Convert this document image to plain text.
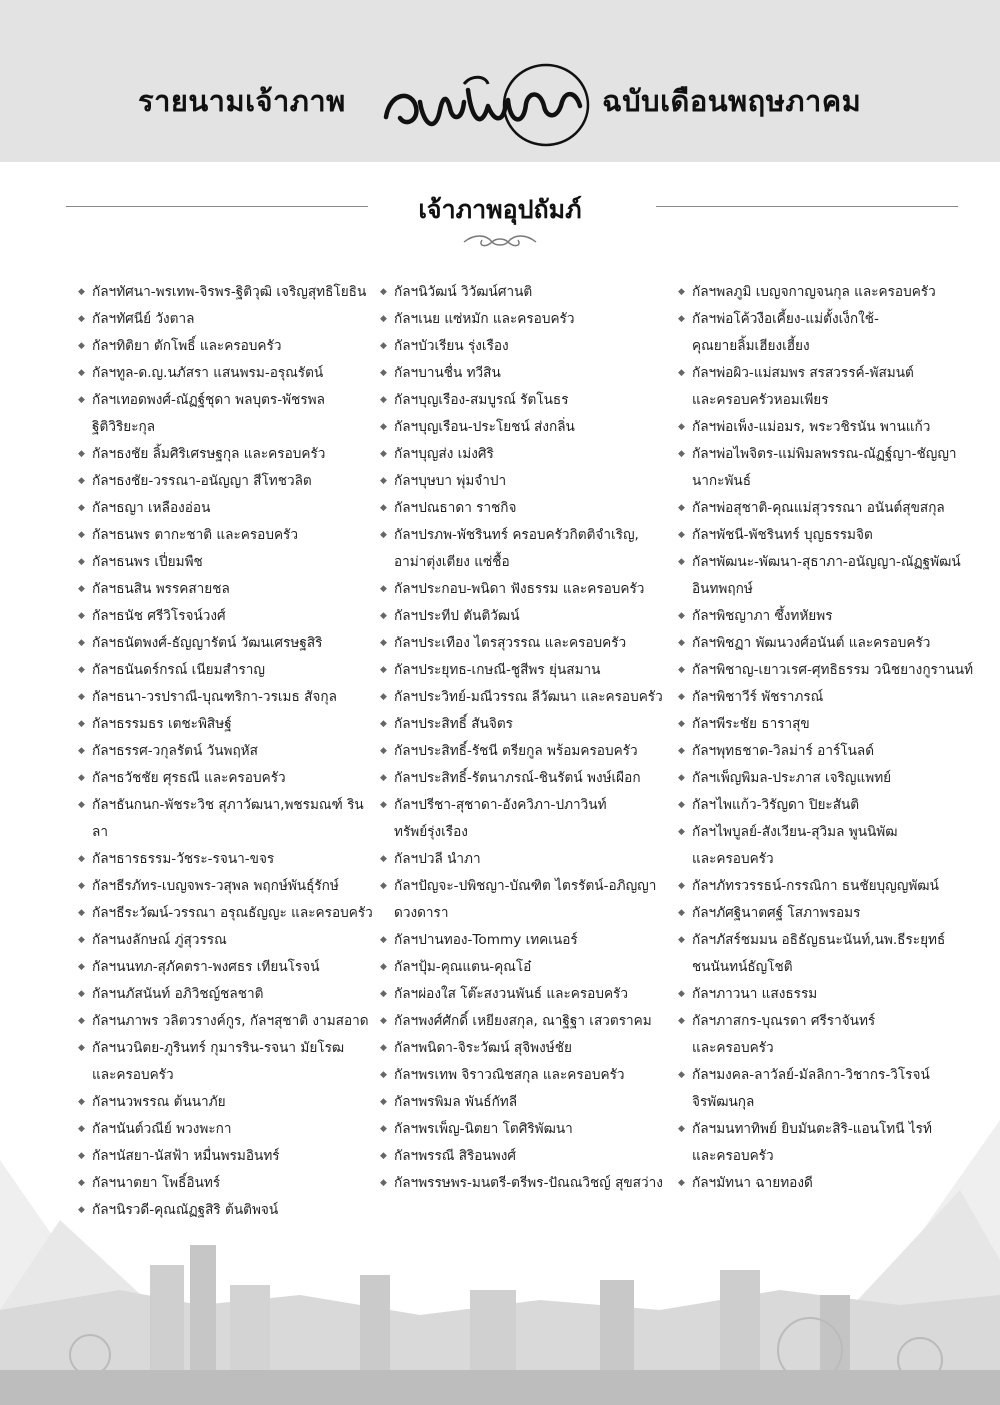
รายนามเจ้าภาพ	ฉบับเดือนพฤษภาคม
เจ้าภาพอุปถัมภ์
◆ กัลฯทัศนา-พรเทพ-จิรพร-ฐิติวุฒิ เจริญสุทธิโยธิน
◆ กัลฯทัศนีย์ วังตาล
◆ กัลฯทิติยา ตักโพธิ์ และครอบครัว
◆ กัลฯทูล-ด.ญ.นภัสรา แสนพรม-อรุณรัตน์
◆ กัลฯเทอดพงศ์-ณัฏฐ์ชุดา พลบุตร-พัชรพล
ฐิติวิริยะกุล
◆ กัลฯธงชัย ลิ้มศิริเศรษฐกุล และครอบครัว
◆ กัลฯธงชัย-วรรณา-อนัญญา สีโทชวลิต
◆ กัลฯธญา เหลืองอ่อน
◆ กัลฯธนพร ตากะชาติ และครอบครัว
◆ กัลฯธนพร เปี่ยมพืช
◆ กัลฯธนสิน พรรคสายชล
◆ กัลฯธนัช ศรีวิโรจน์วงศ์
◆ กัลฯธนัตพงศ์-ธัญญารัตน์ วัฒนเศรษฐสิริ
◆ กัลฯธนันดร์กรณ์ เนียมสำราญ
◆ กัลฯธนา-วรปราณี-บุณฑริกา-วรเมธ สัจกุล
◆ กัลฯธรรมธร เตชะพิสิษฐ์
◆ กัลฯธรรศ-วกุลรัตน์ วันพฤหัส
◆ กัลฯธวัชชัย ศุรธณี และครอบครัว
◆ กัลฯธันกนก-พัชระวิช สุภาวัฒนา,พชรมณฑ์ รินลา
◆ กัลฯธารธรรม-วัชระ-รจนา-ขจร
◆ กัลฯธีรภัทร-เบญจพร-วสุพล พฤกษ์พันธุ์รักษ์
◆ กัลฯธีระวัฒน์-วรรณา อรุณธัญญะ และครอบครัว
◆ กัลฯนงลักษณ์ ภู่สุวรรณ
◆ กัลฯนนทภ-สุภัคตรา-พงศธร เทียนโรจน์
◆ กัลฯนภัสนันท์ อภิวิชญ์ชลชาติ
◆ กัลฯนภาพร วลิตวรางค์กูร, กัลฯสุชาติ งามสอาด
◆ กัลฯนวนิตย-ภูรินทร์ กุมารริน-รจนา มัยโรฒ
และครอบครัว
◆ กัลฯนวพรรณ ต้นนาภัย
◆ กัลฯนันต์วณีย์ พวงพะกา
◆ กัลฯนัสยา-นัสฟ้า หมื่นพรมอินทร์
◆ กัลฯนาตยา โพธิ์อินทร์
◆ กัลฯนิรวดี-คุณณัฏฐสิริ ต้นติพจน์
◆ กัลฯนิวัฒน์ วิวัฒน์ศานติ
◆ กัลฯเนย แซ่หมัก และครอบครัว
◆ กัลฯบัวเรียน รุ่งเรือง
◆ กัลฯบานชื่น ทวีสิน
◆ กัลฯบุญเรือง-สมบูรณ์ รัตโนธร
◆ กัลฯบุญเรือน-ประโยชน์ ส่งกลิ่น
◆ กัลฯบุญส่ง เม่งศิริ
◆ กัลฯบุษบา พุ่มจำปา
◆ กัลฯปณธาดา ราชกิจ
◆ กัลฯปรภพ-พัชรินทร์ ครอบครัวกิตติจำเริญ,
อาม่าตุ่งเตียง แซ่ชื้อ
◆ กัลฯประกอบ-พนิดา ฟังธรรม และครอบครัว
◆ กัลฯประทีป ตันติวัฒน์
◆ กัลฯประเทือง ไตรสุวรรณ และครอบครัว
◆ กัลฯประยุทธ-เกษณี-ชูสีพร ยุ่นสมาน
◆ กัลฯประวิทย์-มณีวรรณ ลีวัฒนา และครอบครัว
◆ กัลฯประสิทธิ์ สันจิตร
◆ กัลฯประสิทธิ์-รัชนี ตรียกูล พร้อมครอบครัว
◆ กัลฯประสิทธิ์-รัตนาภรณ์-ชินรัตน์ พงษ์เผือก
◆ กัลฯปรีชา-สุชาดา-อังควิภา-ปภาวินท์
ทรัพย์รุ่งเรือง
◆ กัลฯปวลี นำภา
◆ กัลฯปัญจะ-ปพิชญา-บัณฑิต ไตรรัตน์-อภิญญา
ดวงดารา
◆ กัลฯปานทอง-Tommy เทคเนอร์
◆ กัลฯปุ้ม-คุณแตน-คุณโอ๋
◆ กัลฯผ่องใส โต๊ะสงวนพันธ์ และครอบครัว
◆ กัลฯพงศ์ศักดิ์ เหยียงสกุล, ณาฐิฐา เสวตราคม
◆ กัลฯพนิดา-จิระวัฒน์ สุจิพงษ์ชัย
◆ กัลฯพรเทพ จิราวณิชสกุล และครอบครัว
◆ กัลฯพรพิมล พันธ์กัทลี
◆ กัลฯพรเพ็ญ-นิตยา โตศิริพัฒนา
◆ กัลฯพรรณี สิริอนพงศ์
◆ กัลฯพรรษพร-มนตรี-ตรีพร-ปัณณวิชญ์ สุขสว่าง
◆ กัลฯพลภูมิ เบญจกาญจนกุล และครอบครัว
◆ กัลฯพ่อโค้วงือเคี้ยง-แม่ตั้งเง็กใช้-
คุณยายลิ้มเฮียงเฮี้ยง
◆ กัลฯพ่อผิว-แม่สมพร สรสวรรค์-พัสมนต์
และครอบครัวหอมเพียร
◆ กัลฯพ่อเพ็ง-แม่อมร, พระวชิรนัน พานแก้ว
◆ กัลฯพ่อไพจิตร-แม่พิมลพรรณ-ณัฏฐ์ญา-ชัญญา
นากะพันธ์
◆ กัลฯพ่อสุชาติ-คุณแม่สุวรรณา อนันต์สุขสกุล
◆ กัลฯพัชนี-พัชรินทร์ บุญธรรมจิต
◆ กัลฯพัฒนะ-พัฒนา-สุธาภา-อนัญญา-ณัฏฐพัฒน์
อินทพฤกษ์
◆ กัลฯพิชญาภา ซึ้งทหัยพร
◆ กัลฯพิชฏา พัฒนวงศ์อนันต์ และครอบครัว
◆ กัลฯพิชาญ-เยาวเรศ-ศุทธิธรรม วนิชยางกูรานนท์
◆ กัลฯพิชาวีร์ พัชราภรณ์
◆ กัลฯพีระชัย ธาราสุข
◆ กัลฯพุทธชาด-วิลม่าร์ อาร์โนลด์
◆ กัลฯเพ็ญพิมล-ประภาส เจริญแพทย์
◆ กัลฯไพแก้ว-วิรัญดา ปิยะสันติ
◆ กัลฯไพบูลย์-สังเวียน-สุวิมล พูนนิพัฒ
และครอบครัว
◆ กัลฯภัทรวรรธน์-กรรณิกา ธนชัยบุญญพัฒน์
◆ กัลฯภัศฐินาตศฐ์ โสภาพรอมร
◆ กัลฯภัสร์ชมมน อธิธัญธนะนันท์,นพ.ธีระยุทธ์
ชนนันทน์ธัญโชติ
◆ กัลฯภาวนา แสงธรรม
◆ กัลฯภาสกร-บุณรดา ศรีราจันทร์
และครอบครัว
◆ กัลฯมงคล-ลาวัลย์-มัลลิกา-วิชากร-วิโรจน์
จิรพัฒนกุล
◆ กัลฯมนทาทิพย์ ยิบมันตะสิริ-แอนโทนี ไรท์
และครอบครัว
◆ กัลฯมัทนา ฉายทองดี
